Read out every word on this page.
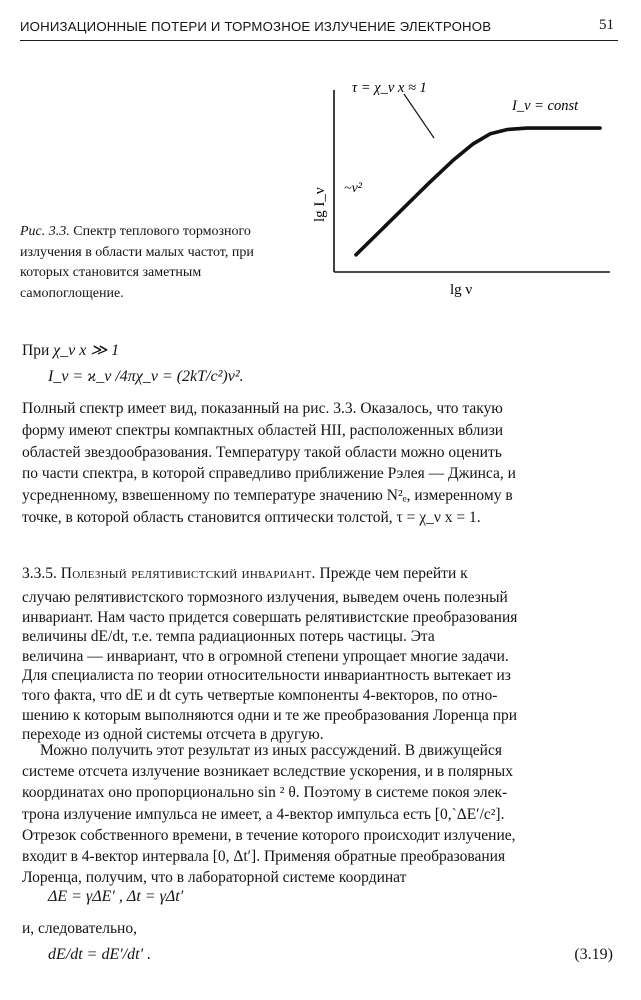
ИОНИЗАЦИОННЫЕ ПОТЕРИ И ТОРМОЗНОЕ ИЗЛУЧЕНИЕ ЭЛЕКТРОНОВ	51
τ = χ_ν x ≈ 1
I_ν = const
~ν²
lg I_ν
lg ν
Рис. 3.3. Спектр теплового тормозного излучения в области малых частот, при которых становится заметным самопоглощение.
При χ_ν x ≫ 1
I_ν = ϰ_ν /4πχ_ν = (2kT/c²)ν².
Полный спектр имеет вид, показанный на рис. 3.3. Оказалось, что такую
форму имеют спектры компактных областей НII, расположенных вблизи
областей звездообразования. Температуру такой области можно оценить
по части спектра, в которой справедливо приближение Рэлея — Джинса, и
усредненному, взвешенному по температуре значению N²ₑ, измеренному в
точке, в которой область становится оптически толстой, τ = χ_ν x = 1.
3.3.5. Полезный релятивистский инвариант. Прежде чем перейти к
случаю релятивистского тормозного излучения, выведем очень полезный
инвариант. Нам часто придется совершать релятивистские преобразования
величины dE/dt, т.е. темпа радиационных потерь частицы. Эта
величина — инвариант, что в огромной степени упрощает многие задачи.
Для специалиста по теории относительности инвариантность вытекает из
того факта, что dE и dt суть четвертые компоненты 4-векторов, по отно-
шению к которым выполняются одни и те же преобразования Лоренца при
переходе из одной системы отсчета в другую.
Можно получить этот результат из иных рассуждений. В движущейся
системе отсчета излучение возникает вследствие ускорения, и в полярных
координатах оно пропорционально sin ² θ. Поэтому в системе покоя элек-
трона излучение импульса не имеет, а 4-вектор импульса есть [0,`ΔE′/c²].
Отрезок собственного времени, в течение которого происходит излучение,
входит в 4-вектор интервала [0, Δt′]. Применяя обратные преобразования
Лоренца, получим, что в лабораторной системе координат
ΔE = γΔE′ , Δt = γΔt′
и, следовательно,
dE/dt = dE′/dt′ .	(3.19)
